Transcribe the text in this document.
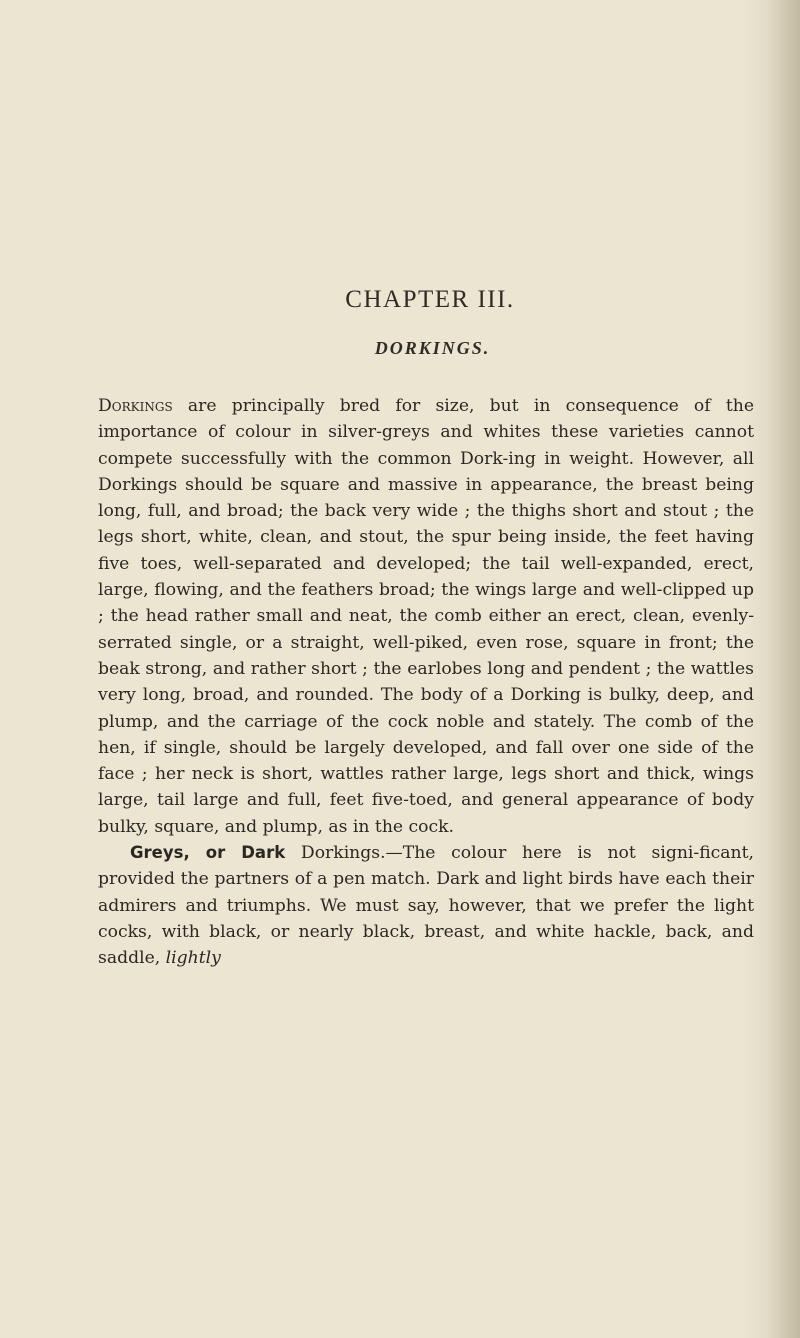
CHAPTER III.
DORKINGS.

Dorkings are principally bred for size, but in consequence of the importance of colour in silver-greys and whites these varieties cannot compete successfully with the common Dork-ing in weight. However, all Dorkings should be square and massive in appearance, the breast being long, full, and broad; the back very wide ; the thighs short and stout ; the legs short, white, clean, and stout, the spur being inside, the feet having five toes, well-separated and developed; the tail well-expanded, erect, large, flowing, and the feathers broad; the wings large and well-clipped up ; the head rather small and neat, the comb either an erect, clean, evenly-serrated single, or a straight, well-piked, even rose, square in front; the beak strong, and rather short ; the earlobes long and pendent ; the wattles very long, broad, and rounded. The body of a Dorking is bulky, deep, and plump, and the carriage of the cock noble and stately. The comb of the hen, if single, should be largely developed, and fall over one side of the face ; her neck is short, wattles rather large, legs short and thick, wings large, tail large and full, feet five-toed, and general appearance of body bulky, square, and plump, as in the cock.

Greys, or Dark Dorkings.—The colour here is not signi-ficant, provided the partners of a pen match. Dark and light birds have each their admirers and triumphs. We must say, however, that we prefer the light cocks, with black, or nearly black, breast, and white hackle, back, and saddle, lightly
